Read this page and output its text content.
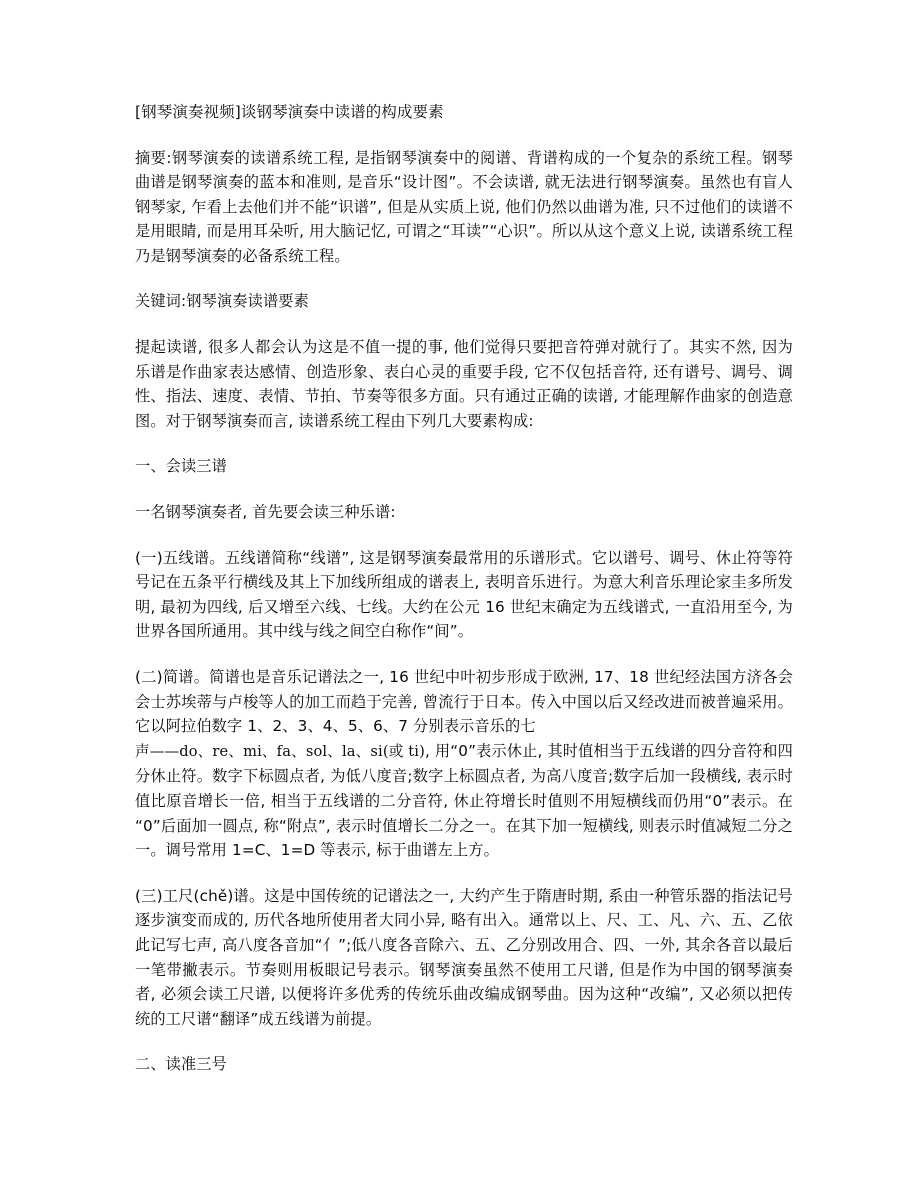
[钢琴演奏视频]谈钢琴演奏中读谱的构成要素

摘要:钢琴演奏的读谱系统工程, 是指钢琴演奏中的阅谱、背谱构成的一个复杂的系统工程。钢琴曲谱是钢琴演奏的蓝本和准则, 是音乐“设计图”。不会读谱, 就无法进行钢琴演奏。虽然也有盲人钢琴家, 乍看上去他们并不能“识谱”, 但是从实质上说, 他们仍然以曲谱为准, 只不过他们的读谱不是用眼睛, 而是用耳朵听, 用大脑记忆, 可谓之“耳读”“心识”。所以从这个意义上说, 读谱系统工程乃是钢琴演奏的必备系统工程。

关键词:钢琴演奏读谱要素

提起读谱, 很多人都会认为这是不值一提的事, 他们觉得只要把音符弹对就行了。其实不然, 因为乐谱是作曲家表达感情、创造形象、表白心灵的重要手段, 它不仅包括音符, 还有谱号、调号、调性、指法、速度、表情、节拍、节奏等很多方面。只有通过正确的读谱, 才能理解作曲家的创造意图。对于钢琴演奏而言, 读谱系统工程由下列几大要素构成:

一、会读三谱

一名钢琴演奏者, 首先要会读三种乐谱:

(一)五线谱。五线谱简称“线谱”, 这是钢琴演奏最常用的乐谱形式。它以谱号、调号、休止符等符号记在五条平行横线及其上下加线所组成的谱表上, 表明音乐进行。为意大利音乐理论家圭多所发明, 最初为四线, 后又增至六线、七线。大约在公元 16 世纪末确定为五线谱式, 一直沿用至今, 为世界各国所通用。其中线与线之间空白称作“间”。

(二)简谱。简谱也是音乐记谱法之一, 16 世纪中叶初步形成于欧洲, 17、18 世纪经法国方济各会会士苏埃蒂与卢梭等人的加工而趋于完善, 曾流行于日本。传入中国以后又经改进而被普遍采用。它以阿拉伯数字 1、2、3、4、5、6、7 分别表示音乐的七
声——do、re、mi、fa、sol、la、si(或 ti), 用“0”表示休止, 其时值相当于五线谱的四分音符和四分休止符。数字下标圆点者, 为低八度音;数字上标圆点者, 为高八度音;数字后加一段横线, 表示时值比原音增长一倍, 相当于五线谱的二分音符, 休止符增长时值则不用短横线而仍用“0”表示。在“0”后面加一圆点, 称“附点”, 表示时值增长二分之一。在其下加一短横线, 则表示时值减短二分之一。调号常用 1=C、1=D 等表示, 标于曲谱左上方。

(三)工尺(chě)谱。这是中国传统的记谱法之一, 大约产生于隋唐时期, 系由一种管乐器的指法记号逐步演变而成的, 历代各地所使用者大同小异, 略有出入。通常以上、尺、工、凡、六、五、乙依此记写七声, 高八度各音加“亻”;低八度各音除六、五、乙分别改用合、四、一外, 其余各音以最后一笔带撇表示。节奏则用板眼记号表示。钢琴演奏虽然不使用工尺谱, 但是作为中国的钢琴演奏者, 必须会读工尺谱, 以便将许多优秀的传统乐曲改编成钢琴曲。因为这种“改编”, 又必须以把传统的工尺谱“翻译”成五线谱为前提。

二、读准三号
